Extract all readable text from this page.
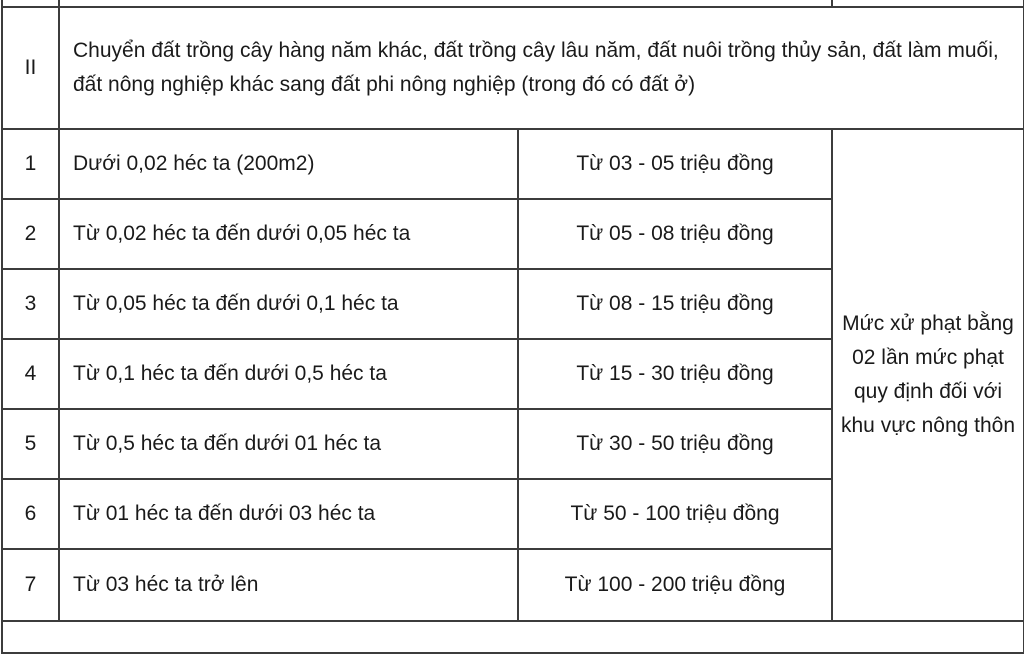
II	Chuyển đất trồng cây hàng năm khác, đất trồng cây lâu năm, đất nuôi trồng thủy sản, đất làm muối, đất nông nghiệp khác sang đất phi nông nghiệp (trong đó có đất ở)		
1	Dưới 0,02 héc ta (200m2)	Từ 03 - 05 triệu đồng	Mức xử phạt bằng 02 lần mức phạt quy định đối với khu vực nông thôn
2	Từ 0,02 héc ta đến dưới 0,05 héc ta	Từ 05 - 08 triệu đồng	
3	Từ 0,05 héc ta đến dưới 0,1 héc ta	Từ 08 - 15 triệu đồng	
4	Từ 0,1 héc ta đến dưới 0,5 héc ta	Từ 15 - 30 triệu đồng	
5	Từ 0,5 héc ta đến dưới 01 héc ta	Từ 30 - 50 triệu đồng	
6	Từ 01 héc ta đến dưới 03 héc ta	Từ 50 - 100 triệu đồng	
7	Từ 03 héc ta trở lên	Từ 100 - 200 triệu đồng	
